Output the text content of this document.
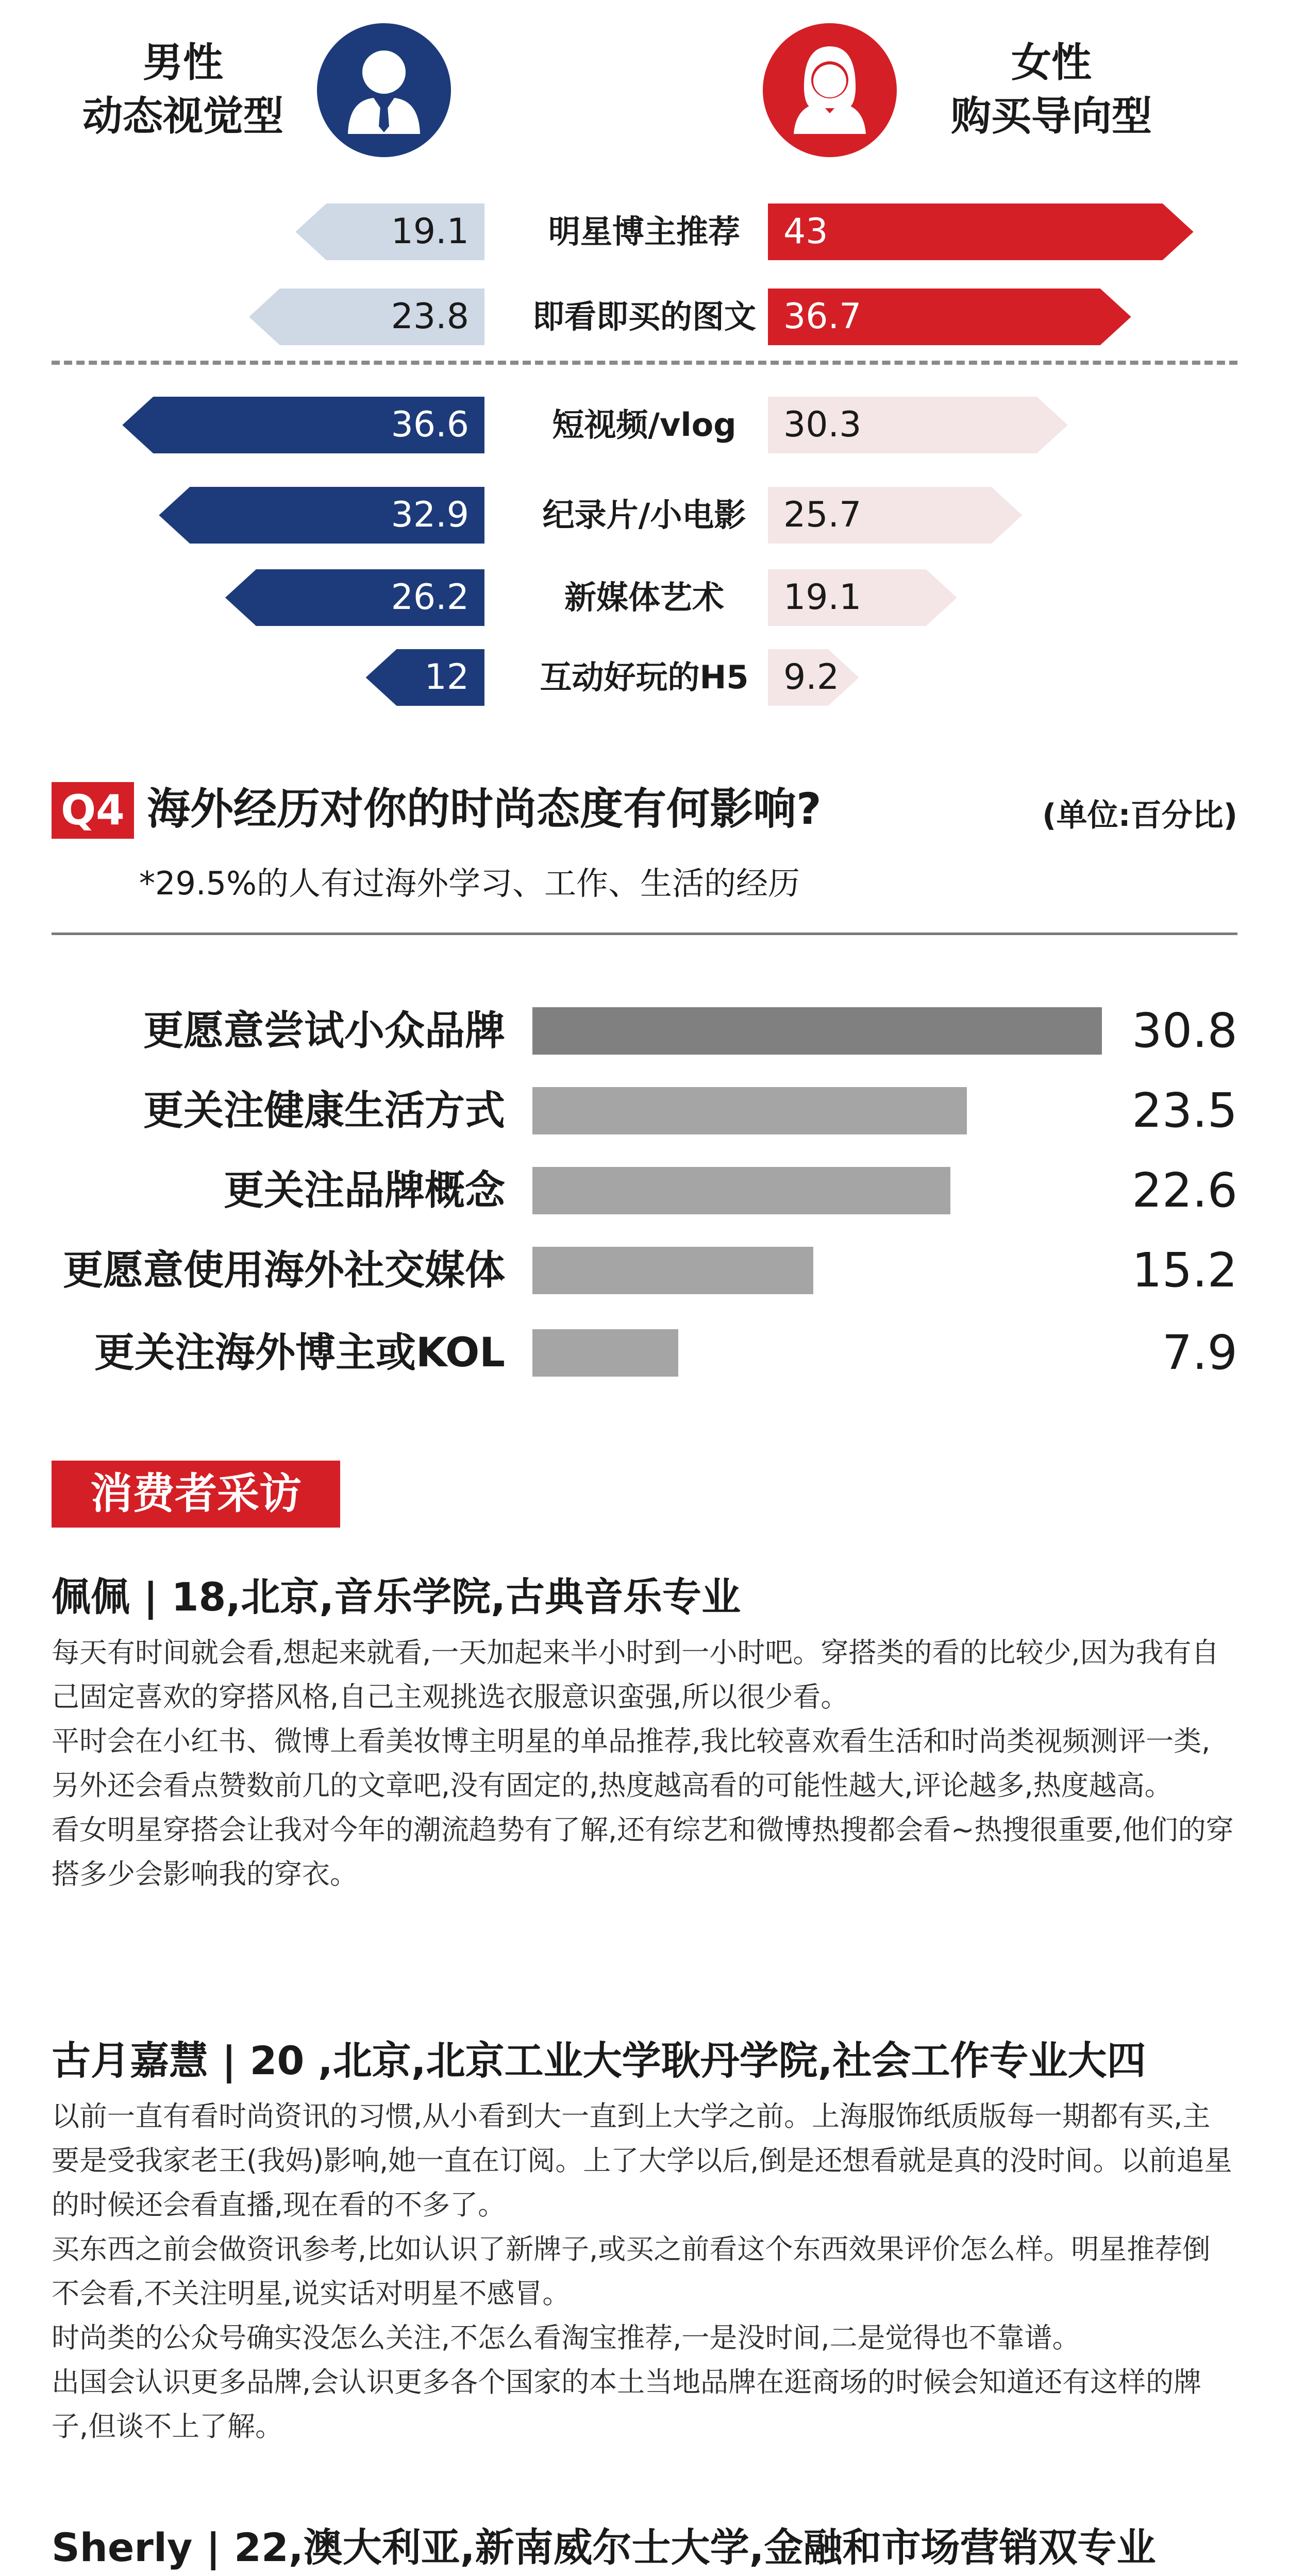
男性
动态视觉型
女性
购买导向型
19.1	明星博主推荐	43
23.8	即看即买的图文 36.7
36.6	短视频/vlog	30.3
32.9	纪录片/小电影	25.7
26.2	新媒体艺术	19.1
12	互动好玩的H5 9.2
Q4 海外经历对你的时尚态度有何影响?	(单位:百分比)
*29.5%的人有过海外学习、工作、生活的经历
更愿意尝试小众品牌	30.8
更关注健康生活方式	23.5
更关注品牌概念	22.6
更愿意使用海外社交媒体	15.2
更关注海外博主或KOL	7.9
消费者采访
佩佩 | 18,北京,音乐学院,古典音乐专业

每天有时间就会看,想起来就看,一天加起来半小时到一小时吧。穿搭类的看的比较少,因为我有自己固定喜欢的穿搭风格,自己主观挑选衣服意识蛮强,所以很少看。

平时会在小红书、微博上看美妆博主明星的单品推荐,我比较喜欢看生活和时尚类视频测评一类,另外还会看点赞数前几的文章吧,没有固定的,热度越高看的可能性越大,评论越多,热度越高。

看女明星穿搭会让我对今年的潮流趋势有了解,还有综艺和微博热搜都会看~热搜很重要,他们的穿搭多少会影响我的穿衣。

古月嘉慧 | 20 ,北京,北京工业大学耿丹学院,社会工作专业大四

以前一直有看时尚资讯的习惯,从小看到大一直到上大学之前。上海服饰纸质版每一期都有买,主要是受我家老王(我妈)影响,她一直在订阅。上了大学以后,倒是还想看就是真的没时间。以前追星的时候还会看直播,现在看的不多了。

买东西之前会做资讯参考,比如认识了新牌子,或买之前看这个东西效果评价怎么样。明星推荐倒不会看,不关注明星,说实话对明星不感冒。

时尚类的公众号确实没怎么关注,不怎么看淘宝推荐,一是没时间,二是觉得也不靠谱。

出国会认识更多品牌,会认识更多各个国家的本土当地品牌在逛商场的时候会知道还有这样的牌子,但谈不上了解。

Sherly | 22,澳大利亚,新南威尔士大学,金融和市场营销双专业
